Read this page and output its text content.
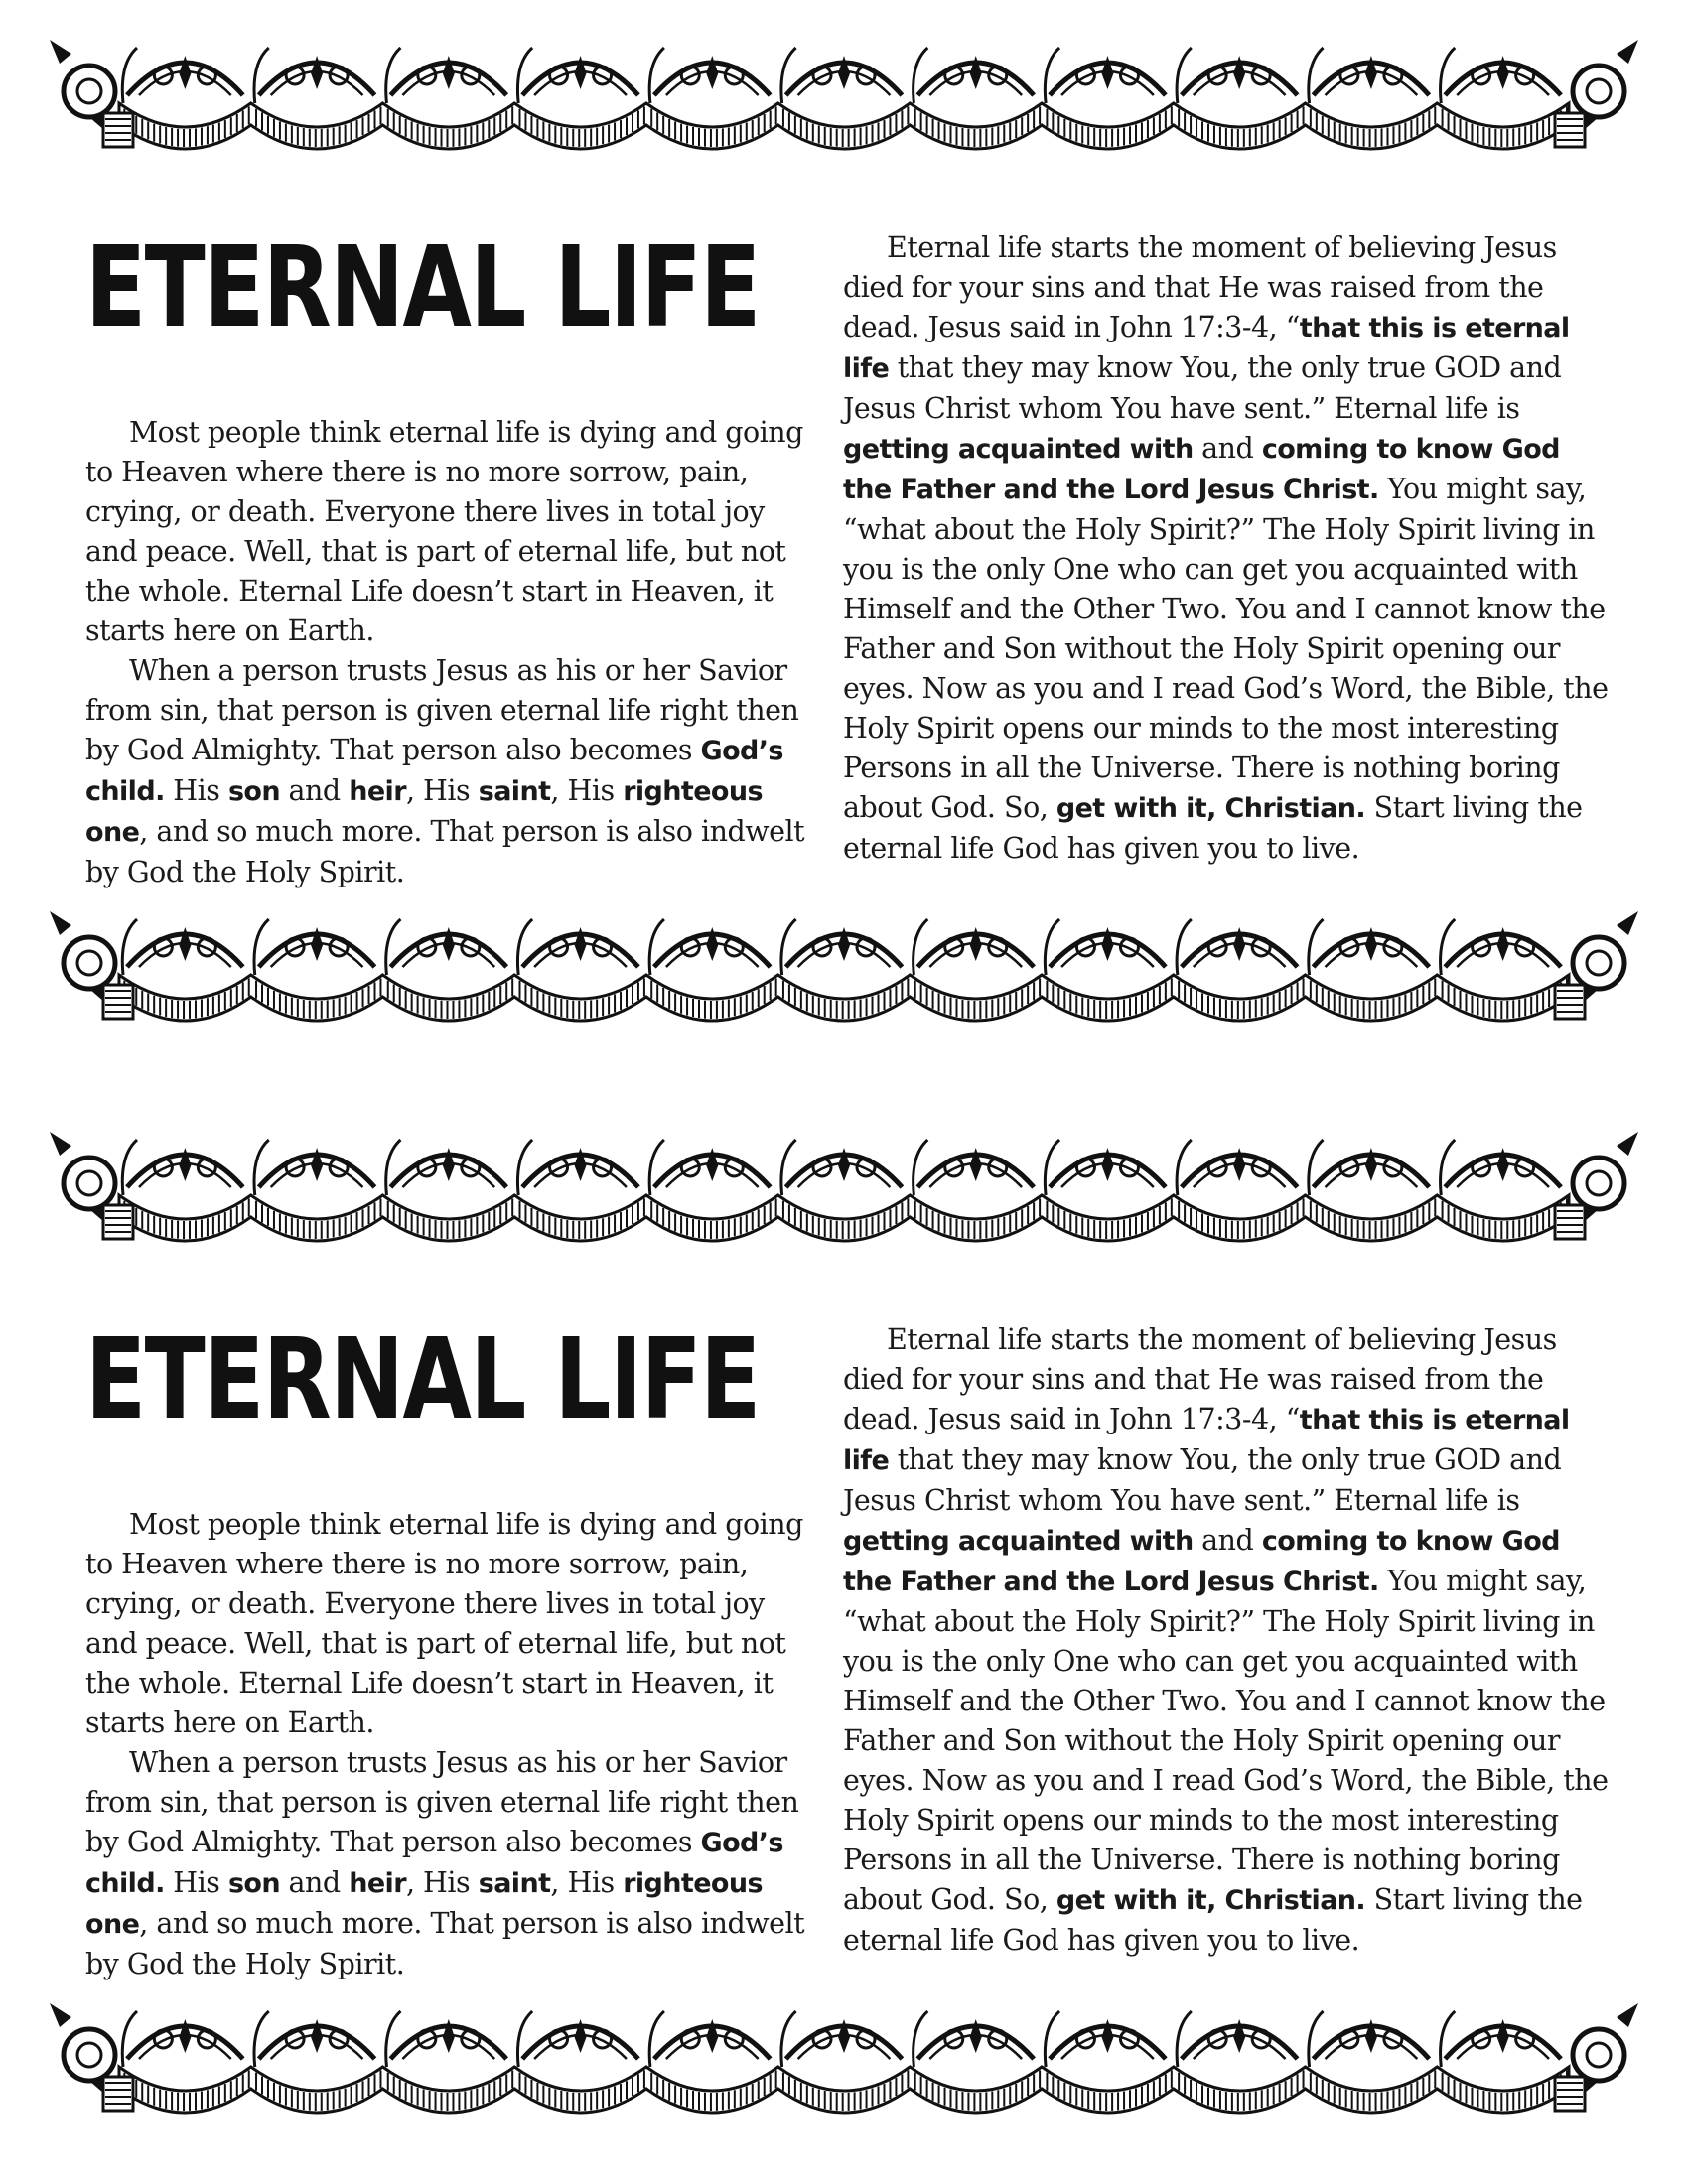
ETERNAL LIFE

Most people think eternal life is dying and going to Heaven where there is no more sorrow, pain, crying, or death. Everyone there lives in total joy and peace. Well, that is part of eternal life, but not the whole. Eternal Life doesn’t start in Heaven, it starts here on Earth.

When a person trusts Jesus as his or her Savior from sin, that person is given eternal life right then by God Almighty. That person also becomes God’s child. His son and heir, His saint, His righteous one, and so much more. That person is also indwelt by God the Holy Spirit.

Eternal life starts the moment of believing Jesus died for your sins and that He was raised from the dead. Jesus said in John 17:3-4, “that this is eternal life that they may know You, the only true GOD and Jesus Christ whom You have sent.” Eternal life is getting acquainted with and coming to know God the Father and the Lord Jesus Christ. You might say, “what about the Holy Spirit?” The Holy Spirit living in you is the only One who can get you acquainted with Himself and the Other Two. You and I cannot know the Father and Son without the Holy Spirit opening our eyes. Now as you and I read God’s Word, the Bible, the Holy Spirit opens our minds to the most interesting Persons in all the Universe. There is nothing boring about God. So, get with it, Christian. Start living the eternal life God has given you to live.

ETERNAL LIFE

Most people think eternal life is dying and going to Heaven where there is no more sorrow, pain, crying, or death. Everyone there lives in total joy and peace. Well, that is part of eternal life, but not the whole. Eternal Life doesn’t start in Heaven, it starts here on Earth.

When a person trusts Jesus as his or her Savior from sin, that person is given eternal life right then by God Almighty. That person also becomes God’s child. His son and heir, His saint, His righteous one, and so much more. That person is also indwelt by God the Holy Spirit.

Eternal life starts the moment of believing Jesus died for your sins and that He was raised from the dead. Jesus said in John 17:3-4, “that this is eternal life that they may know You, the only true GOD and Jesus Christ whom You have sent.” Eternal life is getting acquainted with and coming to know God the Father and the Lord Jesus Christ. You might say, “what about the Holy Spirit?” The Holy Spirit living in you is the only One who can get you acquainted with Himself and the Other Two. You and I cannot know the Father and Son without the Holy Spirit opening our eyes. Now as you and I read God’s Word, the Bible, the Holy Spirit opens our minds to the most interesting Persons in all the Universe. There is nothing boring about God. So, get with it, Christian. Start living the eternal life God has given you to live.
